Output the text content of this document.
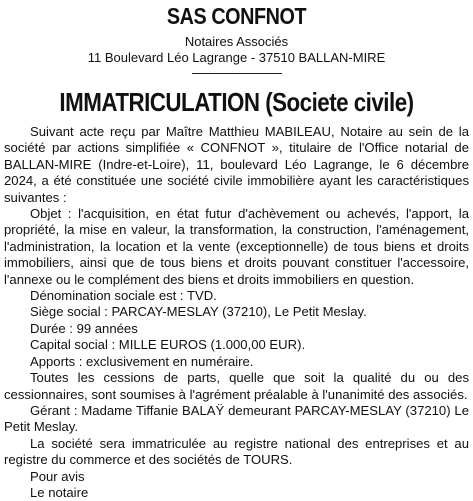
SAS CONFNOT
Notaires Associés
11 Boulevard Léo Lagrange - 37510 BALLAN-MIRE
IMMATRICULATION (Societe civile)

Suivant acte reçu par Maître Matthieu MABILEAU, Notaire au sein de la société par actions simplifiée « CONFNOT », titulaire de l'Office notarial de BALLAN-MIRE (Indre-et-Loire), 11, boulevard Léo Lagrange, le 6 décembre 2024, a été constituée une société civile immobilière ayant les caractéristiques suivantes :

Objet : l'acquisition, en état futur d'achèvement ou achevés, l'apport, la propriété, la mise en valeur, la transformation, la construction, l'aménagement, l'administration, la location et la vente (exceptionnelle) de tous biens et droits immobiliers, ainsi que de tous biens et droits pouvant constituer l'accessoire, l'annexe ou le complément des biens et droits immobiliers en question.

Dénomination sociale est : TVD.

Siège social : PARCAY-MESLAY (37210), Le Petit Meslay.

Durée : 99 années

Capital social : MILLE EUROS (1.000,00 EUR).

Apports : exclusivement en numéraire.

Toutes les cessions de parts, quelle que soit la qualité du ou des cessionnaires, sont soumises à l'agrément préalable à l'unanimité des associés.

Gérant : Madame Tiffanie BALAŸ demeurant PARCAY-MESLAY (37210) Le Petit Meslay.

La société sera immatriculée au registre national des entreprises et au registre du commerce et des sociétés de TOURS.

Pour avis

Le notaire
